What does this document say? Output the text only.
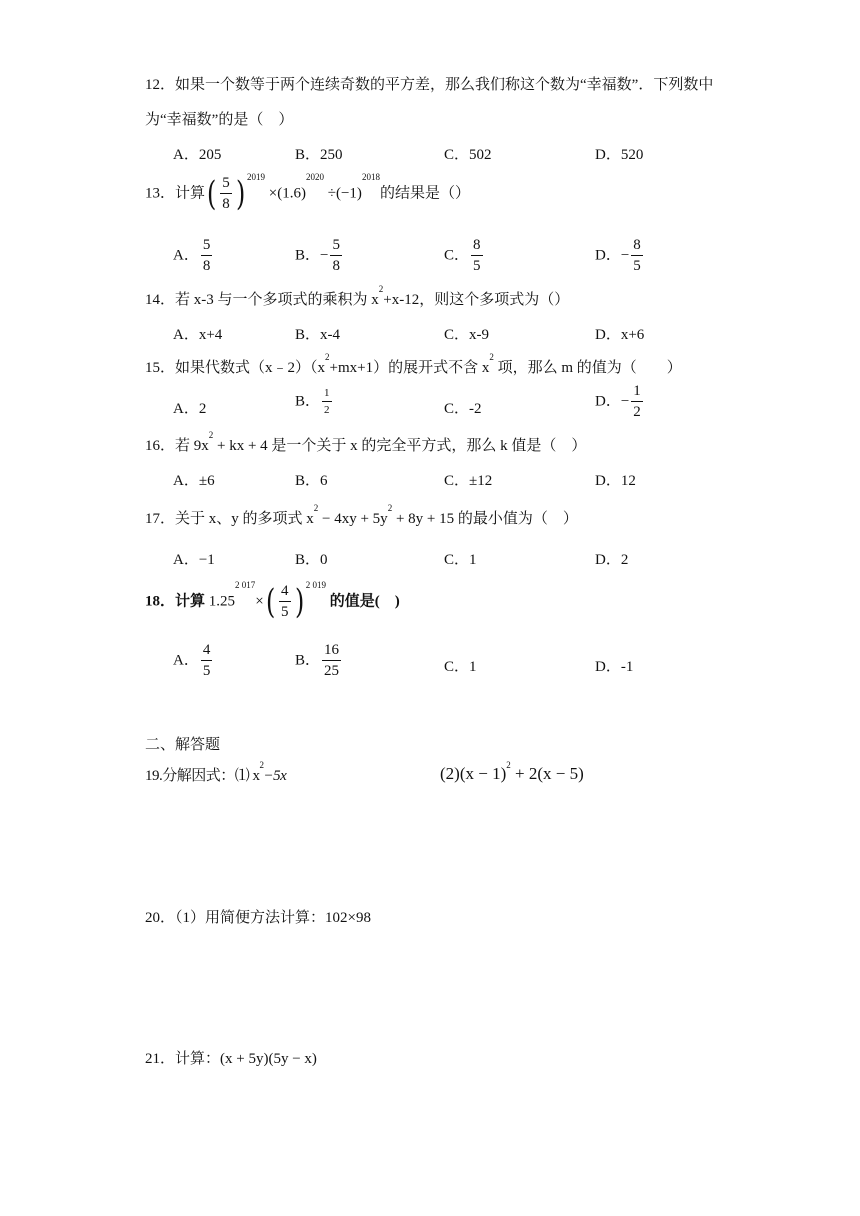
12．如果一个数等于两个连续奇数的平方差，那么我们称这个数为“幸福数”．下列数中
为“幸福数”的是（　）
A．205	B．250	C．502	D．520
13．计算( $\frac{5}{8}$ ) $^{2019} \times(1.6)^{2020} \div(-1)^{2018}$的结果是（）
A． $\frac{5}{8}$	B．− $\frac{5}{8}$	C． $\frac{8}{5}$	D．− $\frac{8}{5}$
14．若 x-3 与一个多项式的乘积为 $x^2+x-12$，则这个多项式为（）
A．x+4	B．x-4	C．x-9	D．x+6
15．如果代数式$(x﹣2)(x^2+mx+1)$的展开式不含 $x^2$ 项，那么 m 的值为（　　）
A．2	B． $\frac{1}{2}$	C．-2	D．− $\frac{1}{2}$
16．若 $9x^2$ + kx + 4 是一个关于 x 的完全平方式，那么 k 值是（　）
A．±6	B．6	C．±12	D．12
17．关于 x、y 的多项式 $x^2 - 4xy + 5y^2 + 8y + 15$ 的最小值为（　）
A．−1	B．0	C．1	D．2
18．计算 $1.25^{2 017}\times( \frac{4}{5}$ ) $^{2 019}$ 的值是(　)
A． $\frac{4}{5}$	B． $\frac{16}{25}$	C．1	D．-1
二、解答题
19.分解因式：⑴ $x^2-5x$	$(2)(x - 1)^2 + 2(x - 5)$
20．（1）用简便方法计算：102×98
21．计算：(x + 5y)(5y − x)
